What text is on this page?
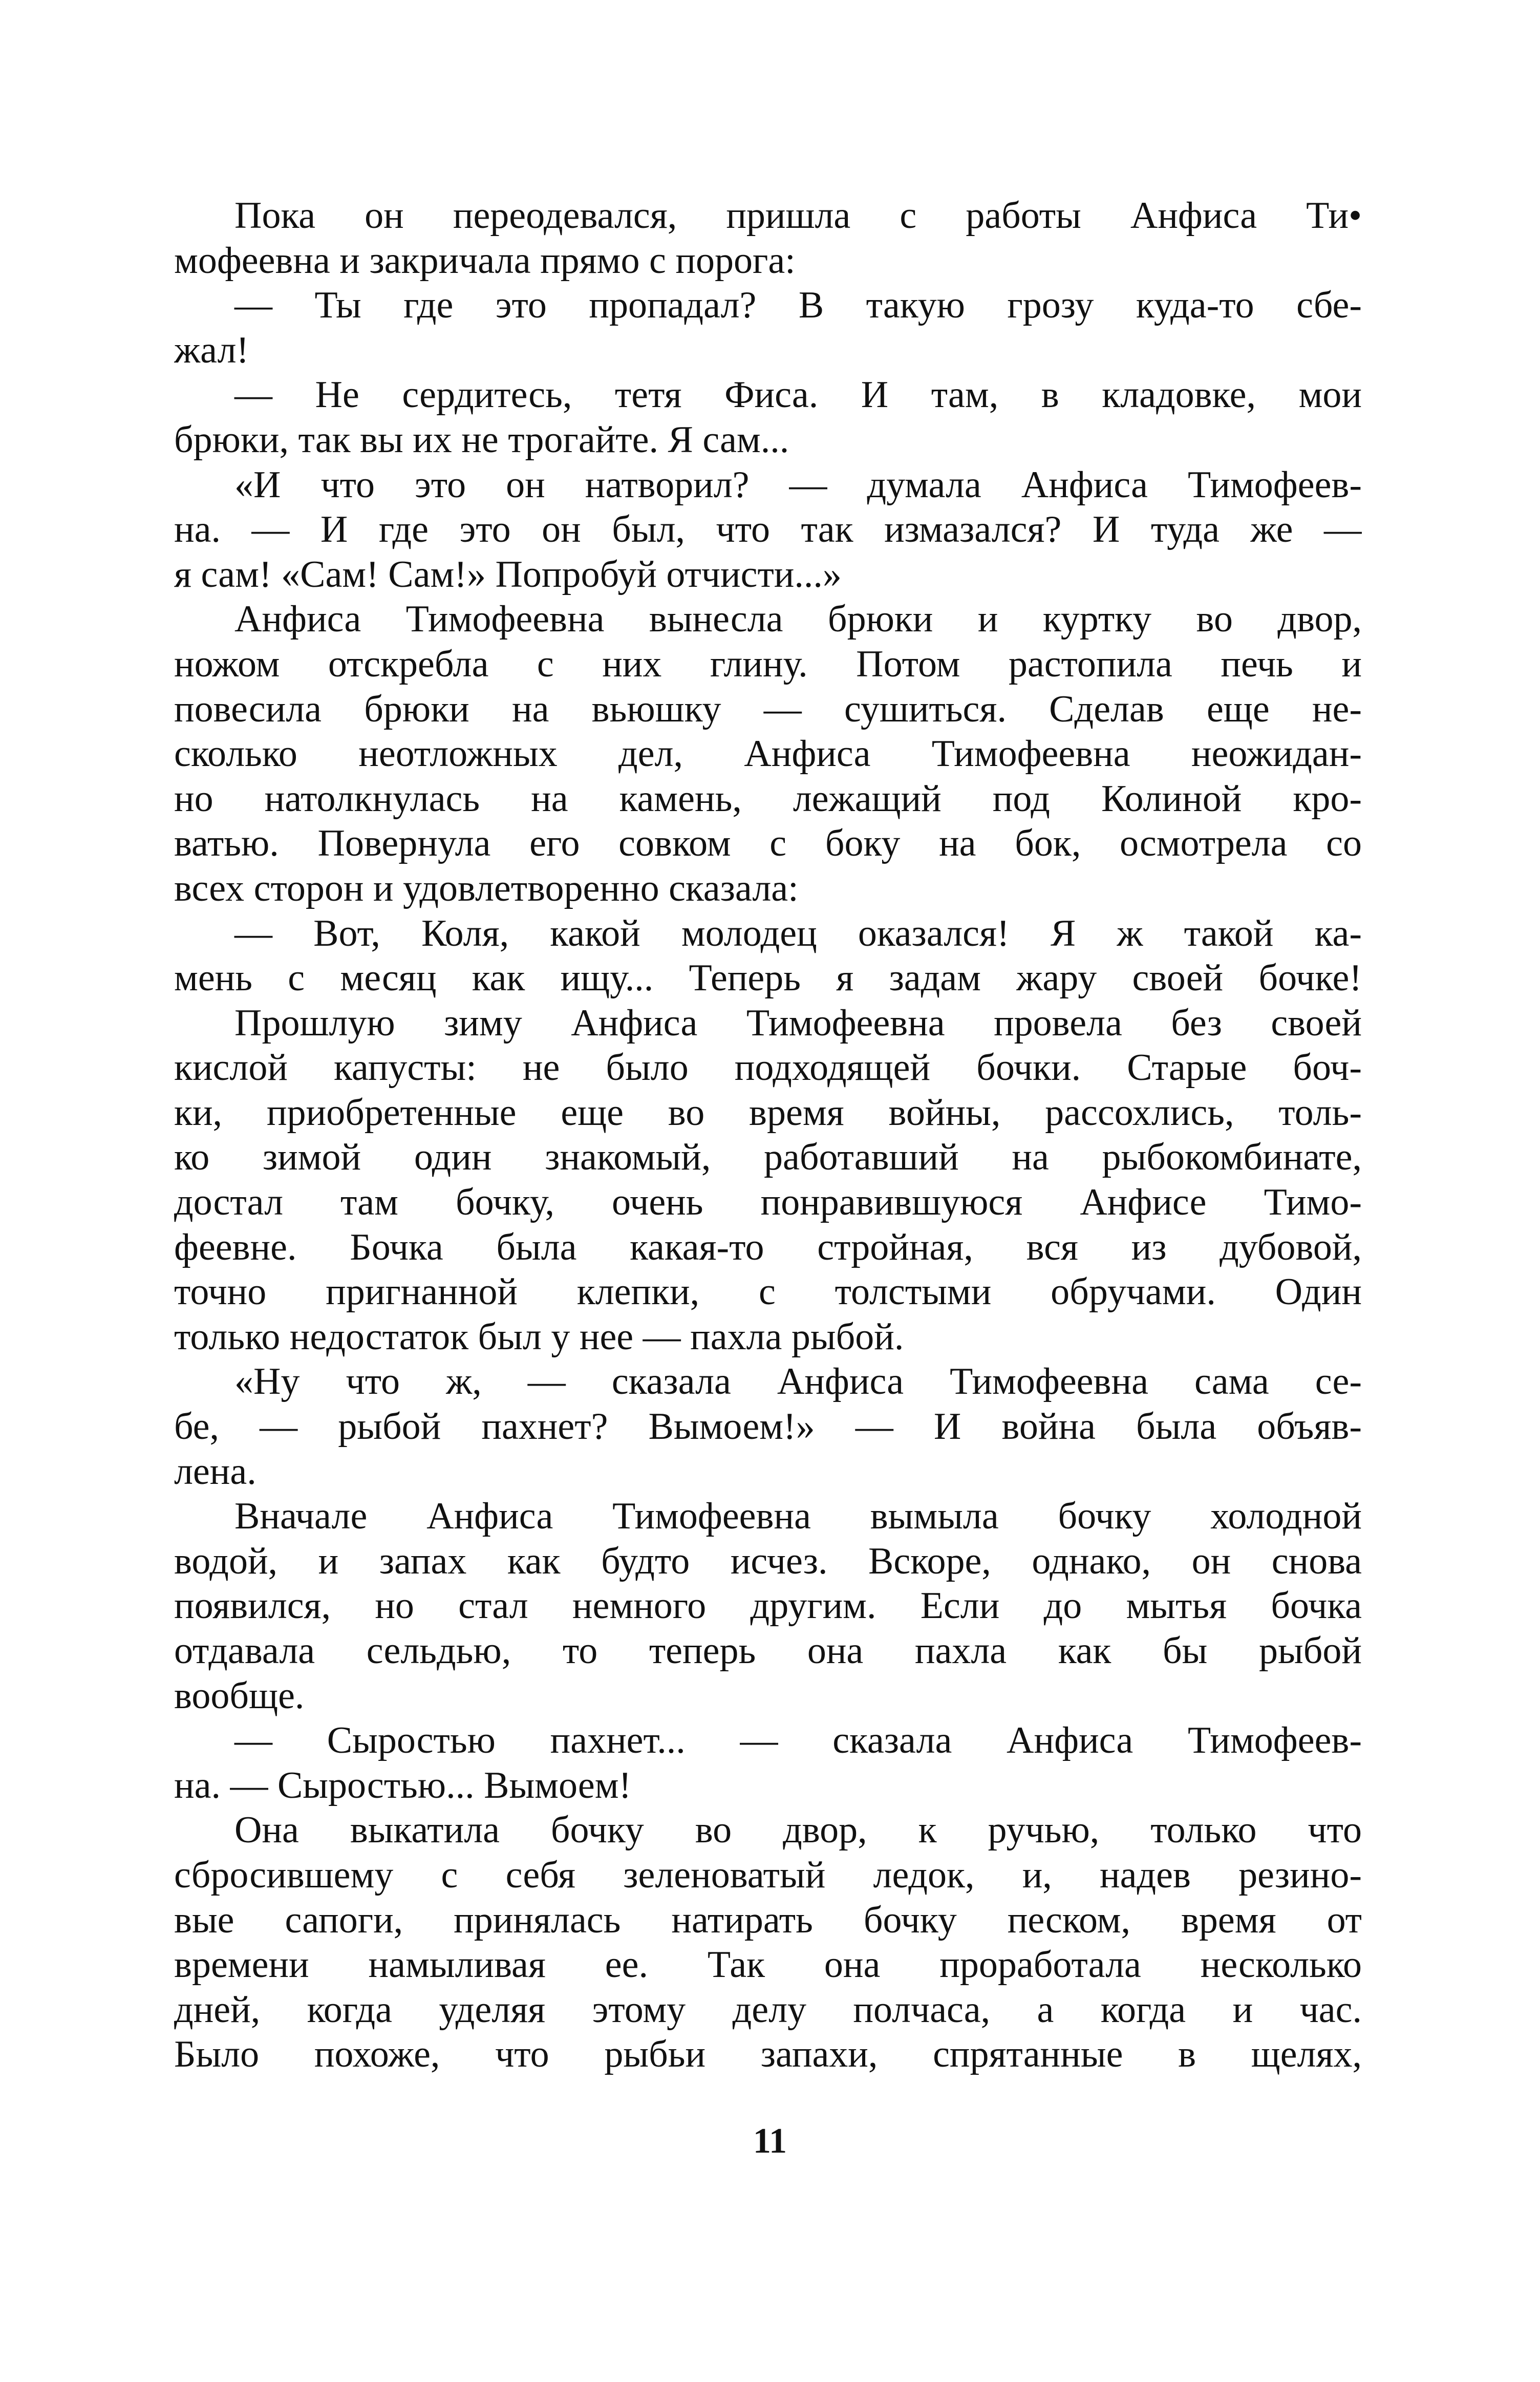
Пока он переодевался, пришла с работы Анфиса Ти•
мофеевна и закричала прямо с порога:
— Ты где это пропадал? В такую грозу куда-то сбе-
жал!
— Не сердитесь, тетя Фиса. И там, в кладовке, мои
брюки, так вы их не трогайте. Я сам...
«И что это он натворил? — думала Анфиса Тимофеев-
на. — И где это он был, что так измазался? И туда же —
я сам! «Сам! Сам!» Попробуй отчисти...»
Анфиса Тимофеевна вынесла брюки и куртку во двор,
ножом отскребла с них глину. Потом растопила печь и
повесила брюки на вьюшку — сушиться. Сделав еще не-
сколько неотложных дел, Анфиса Тимофеевна неожидан-
но натолкнулась на камень, лежащий под Колиной кро-
ватью. Повернула его совком с боку на бок, осмотрела со
всех сторон и удовлетворенно сказала:
— Вот, Коля, какой молодец оказался! Я ж такой ка-
мень с месяц как ищу... Теперь я задам жару своей бочке!
Прошлую зиму Анфиса Тимофеевна провела без своей
кислой капусты: не было подходящей бочки. Старые боч-
ки, приобретенные еще во время войны, рассохлись, толь-
ко зимой один знакомый, работавший на рыбокомбинате,
достал там бочку, очень понравившуюся Анфисе Тимо-
феевне. Бочка была какая-то стройная, вся из дубовой,
точно пригнанной клепки, с толстыми обручами. Один
только недостаток был у нее — пахла рыбой.
«Ну что ж, — сказала Анфиса Тимофеевна сама се-
бе, — рыбой пахнет? Вымоем!» — И война была объяв-
лена.
Вначале Анфиса Тимофеевна вымыла бочку холодной
водой, и запах как будто исчез. Вскоре, однако, он снова
появился, но стал немного другим. Если до мытья бочка
отдавала сельдью, то теперь она пахла как бы рыбой
вообще.
— Сыростью пахнет... — сказала Анфиса Тимофеев-
на. — Сыростью... Вымоем!
Она выкатила бочку во двор, к ручью, только что
сбросившему с себя зеленоватый ледок, и, надев резино-
вые сапоги, принялась натирать бочку песком, время от
времени намыливая ее. Так она проработала несколько
дней, когда уделяя этому делу полчаса, а когда и час.
Было похоже, что рыбьи запахи, спрятанные в щелях,
11
